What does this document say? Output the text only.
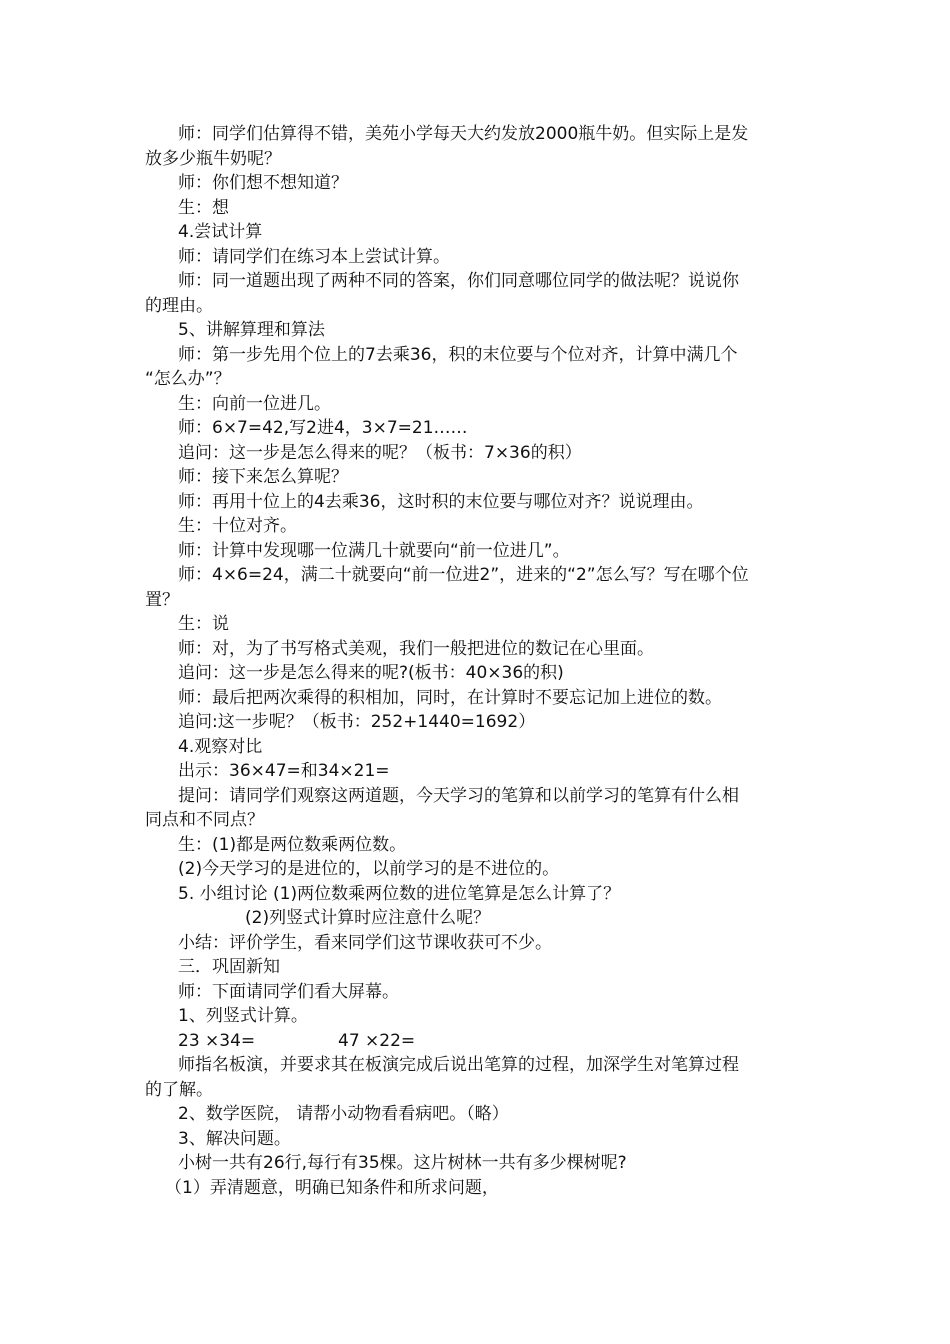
师：同学们估算得不错，美苑小学每天大约发放2000瓶牛奶。但实际上是发
放多少瓶牛奶呢？
师：你们想不想知道？
生：想
4.尝试计算
师：请同学们在练习本上尝试计算。
师：同一道题出现了两种不同的答案，你们同意哪位同学的做法呢？说说你
的理由。
5、讲解算理和算法
师：第一步先用个位上的7去乘36，积的末位要与个位对齐，计算中满几个
“怎么办”？
生：向前一位进几。
师：6×7=42,写2进4，3×7=21……
追问：这一步是怎么得来的呢？（板书：7×36的积）
师：接下来怎么算呢？
师：再用十位上的4去乘36，这时积的末位要与哪位对齐？说说理由。
生：十位对齐。
师：计算中发现哪一位满几十就要向“前一位进几”。
师：4×6=24，满二十就要向“前一位进2”，进来的“2”怎么写？写在哪个位
置？
生：说
师：对，为了书写格式美观，我们一般把进位的数记在心里面。
追问：这一步是怎么得来的呢?(板书：40×36的积)
师：最后把两次乘得的积相加，同时，在计算时不要忘记加上进位的数。
追问:这一步呢？（板书：252+1440=1692）
4.观察对比
出示：36×47=和34×21=
提问：请同学们观察这两道题，今天学习的笔算和以前学习的笔算有什么相
同点和不同点？
生：(1)都是两位数乘两位数。
(2)今天学习的是进位的，以前学习的是不进位的。
5. 小组讨论 (1)两位数乘两位数的进位笔算是怎么计算了？
(2)列竖式计算时应注意什么呢？
小结：评价学生，看来同学们这节课收获可不少。
三．巩固新知
师：下面请同学们看大屏幕。
1、列竖式计算。
23 ×34=	47 ×22=
师指名板演，并要求其在板演完成后说出笔算的过程，加深学生对笔算过程
的了解。
2、数学医院， 请帮小动物看看病吧。（略）
3、解决问题。
小树一共有26行,每行有35棵。这片树林一共有多少棵树呢?
（1）弄清题意，明确已知条件和所求问题，
